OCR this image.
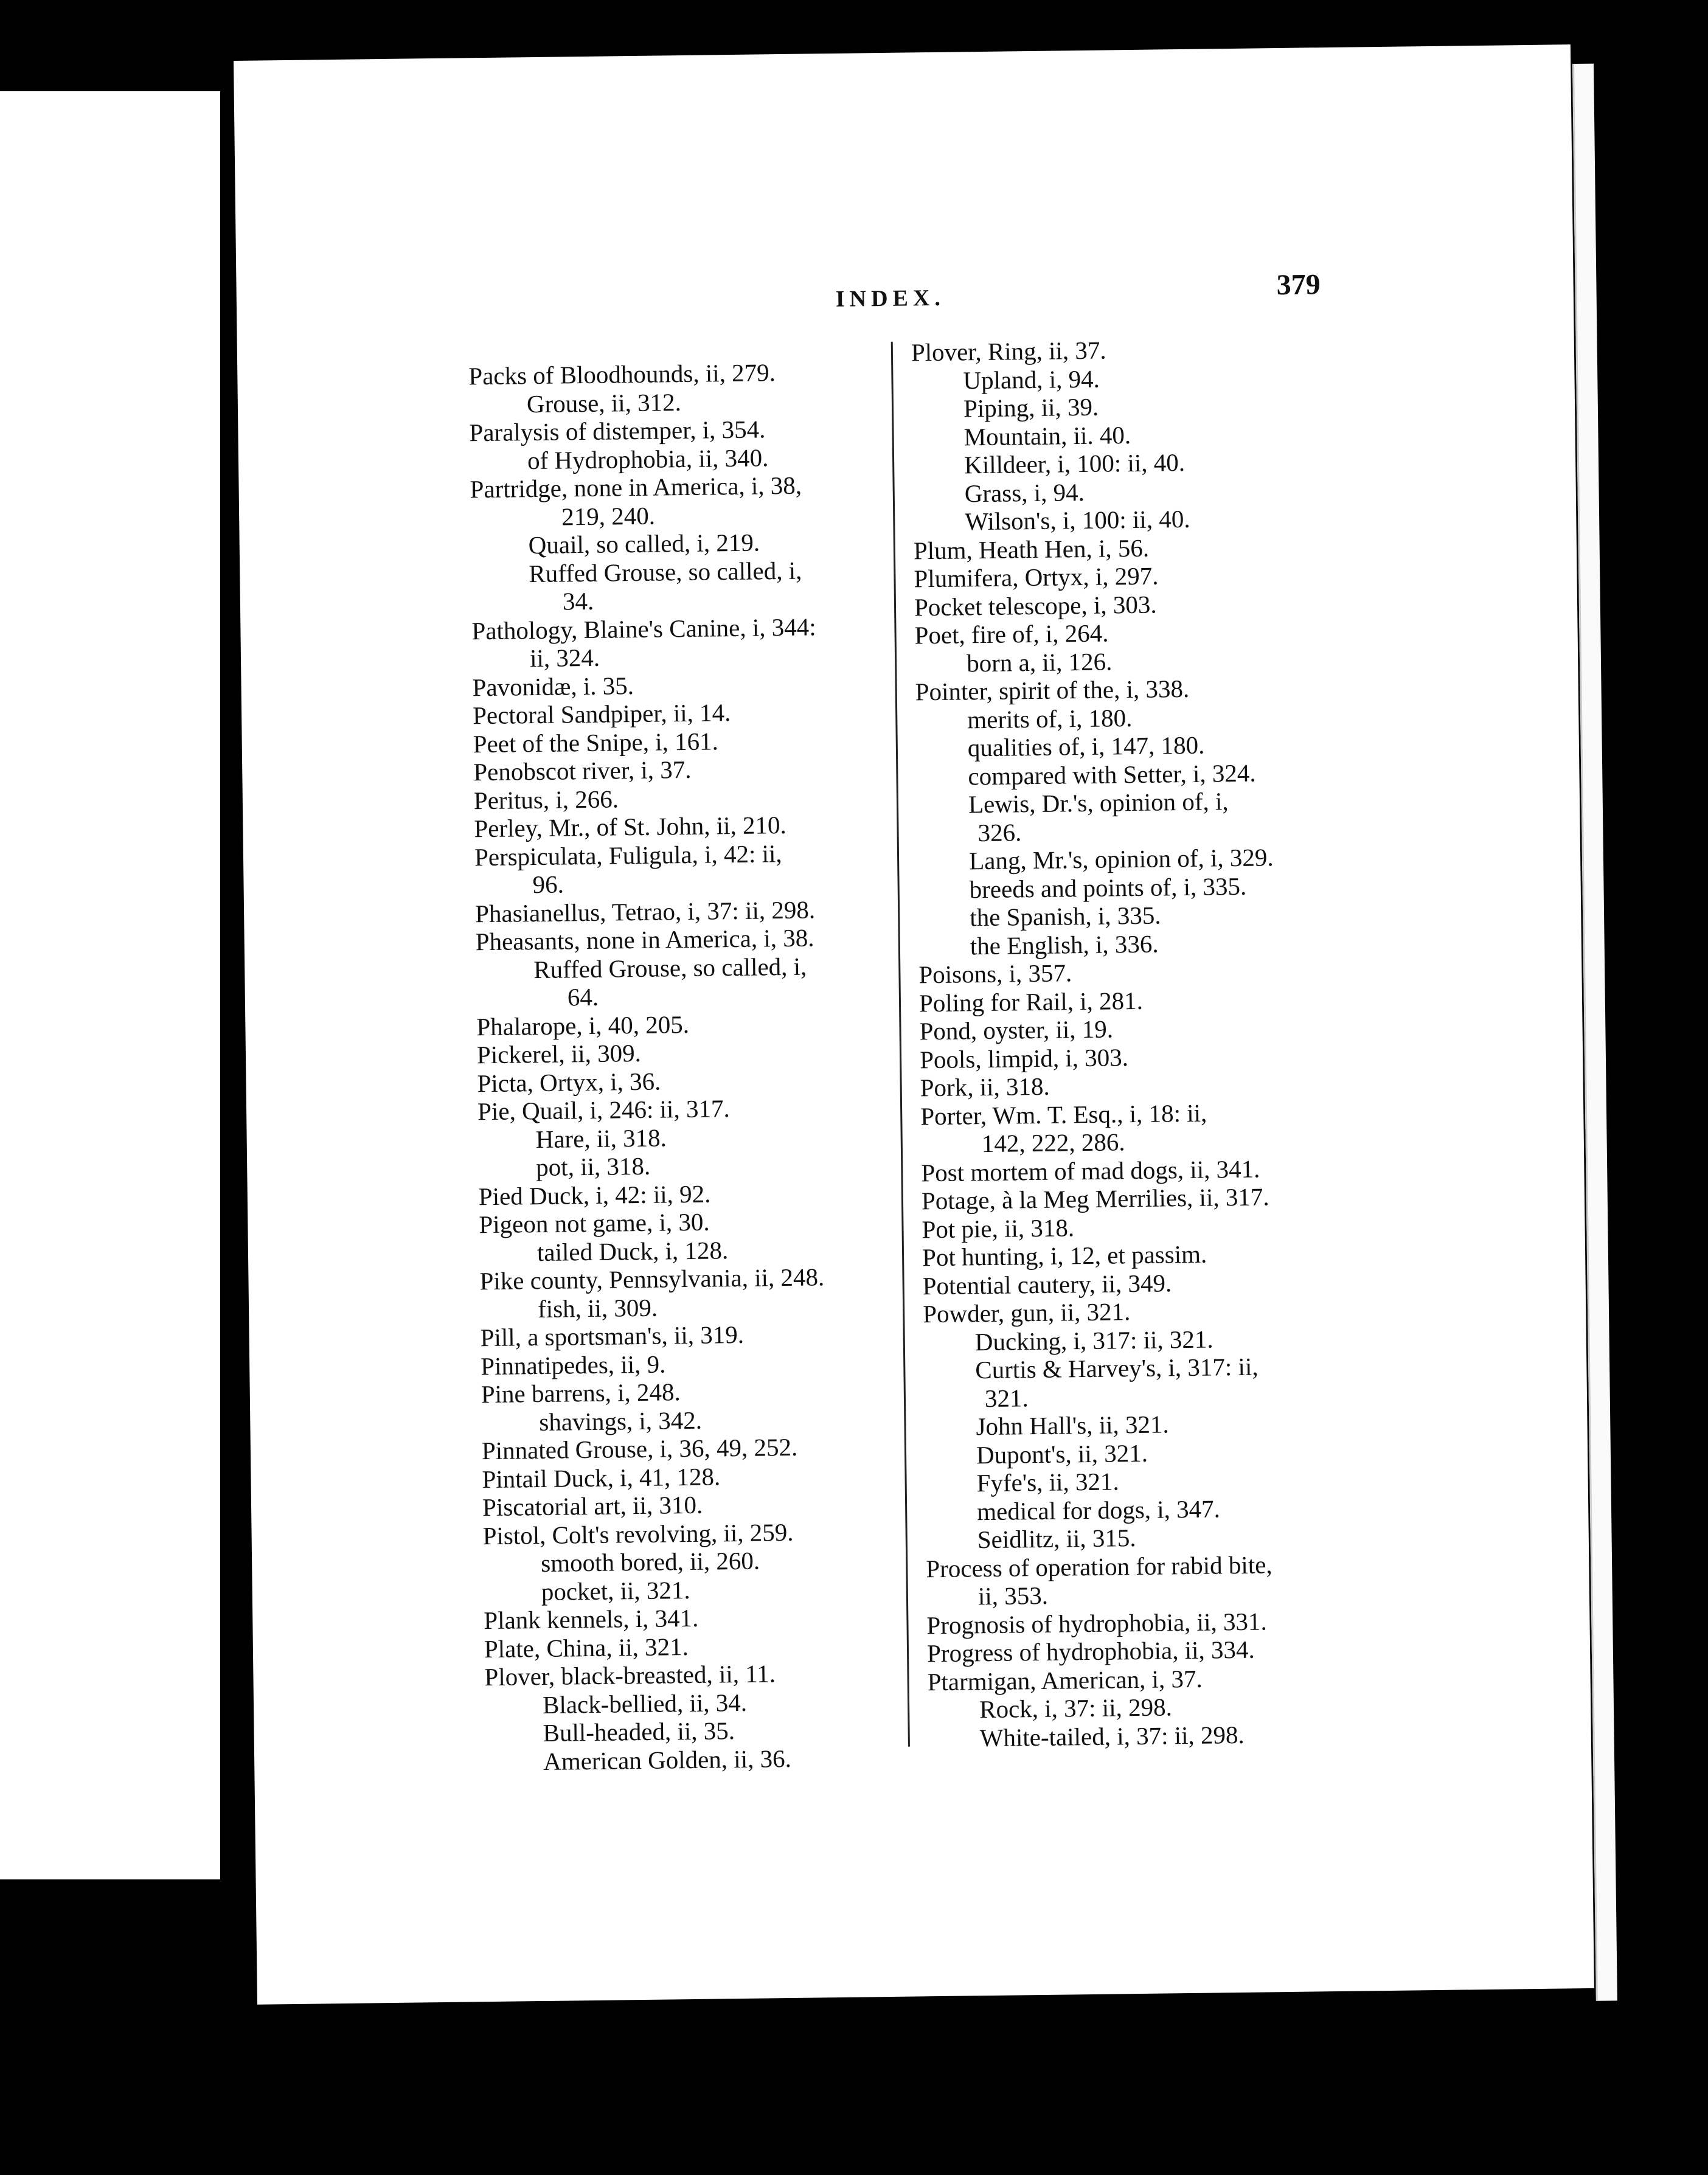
INDEX.	379
Packs of Bloodhounds, ii, 279.
Grouse, ii, 312.
Paralysis of distemper, i, 354.
of Hydrophobia, ii, 340.
Partridge, none in America, i, 38,
219, 240.
Quail, so called, i, 219.
Ruffed Grouse, so called, i,
34.
Pathology, Blaine's Canine, i, 344:
ii, 324.
Pavonidæ, i. 35.
Pectoral Sandpiper, ii, 14.
Peet of the Snipe, i, 161.
Penobscot river, i, 37.
Peritus, i, 266.
Perley, Mr., of St. John, ii, 210.
Perspiculata, Fuligula, i, 42: ii,
96.
Phasianellus, Tetrao, i, 37: ii, 298.
Pheasants, none in America, i, 38.
Ruffed Grouse, so called, i,
64.
Phalarope, i, 40, 205.
Pickerel, ii, 309.
Picta, Ortyx, i, 36.
Pie, Quail, i, 246: ii, 317.
Hare, ii, 318.
pot, ii, 318.
Pied Duck, i, 42: ii, 92.
Pigeon not game, i, 30.
tailed Duck, i, 128.
Pike county, Pennsylvania, ii, 248.
fish, ii, 309.
Pill, a sportsman's, ii, 319.
Pinnatipedes, ii, 9.
Pine barrens, i, 248.
shavings, i, 342.
Pinnated Grouse, i, 36, 49, 252.
Pintail Duck, i, 41, 128.
Piscatorial art, ii, 310.
Pistol, Colt's revolving, ii, 259.
smooth bored, ii, 260.
pocket, ii, 321.
Plank kennels, i, 341.
Plate, China, ii, 321.
Plover, black-breasted, ii, 11.
Black-bellied, ii, 34.
Bull-headed, ii, 35.
American Golden, ii, 36.
Plover, Ring, ii, 37.
Upland, i, 94.
Piping, ii, 39.
Mountain, ii. 40.
Killdeer, i, 100: ii, 40.
Grass, i, 94.
Wilson's, i, 100: ii, 40.
Plum, Heath Hen, i, 56.
Plumifera, Ortyx, i, 297.
Pocket telescope, i, 303.
Poet, fire of, i, 264.
born a, ii, 126.
Pointer, spirit of the, i, 338.
merits of, i, 180.
qualities of, i, 147, 180.
compared with Setter, i, 324.
Lewis, Dr.'s, opinion of, i,
326.
Lang, Mr.'s, opinion of, i, 329.
breeds and points of, i, 335.
the Spanish, i, 335.
the English, i, 336.
Poisons, i, 357.
Poling for Rail, i, 281.
Pond, oyster, ii, 19.
Pools, limpid, i, 303.
Pork, ii, 318.
Porter, Wm. T. Esq., i, 18: ii,
142, 222, 286.
Post mortem of mad dogs, ii, 341.
Potage, à la Meg Merrilies, ii, 317.
Pot pie, ii, 318.
Pot hunting, i, 12, et passim.
Potential cautery, ii, 349.
Powder, gun, ii, 321.
Ducking, i, 317: ii, 321.
Curtis & Harvey's, i, 317: ii,
321.
John Hall's, ii, 321.
Dupont's, ii, 321.
Fyfe's, ii, 321.
medical for dogs, i, 347.
Seidlitz, ii, 315.
Process of operation for rabid bite,
ii, 353.
Prognosis of hydrophobia, ii, 331.
Progress of hydrophobia, ii, 334.
Ptarmigan, American, i, 37.
Rock, i, 37: ii, 298.
White-tailed, i, 37: ii, 298.
